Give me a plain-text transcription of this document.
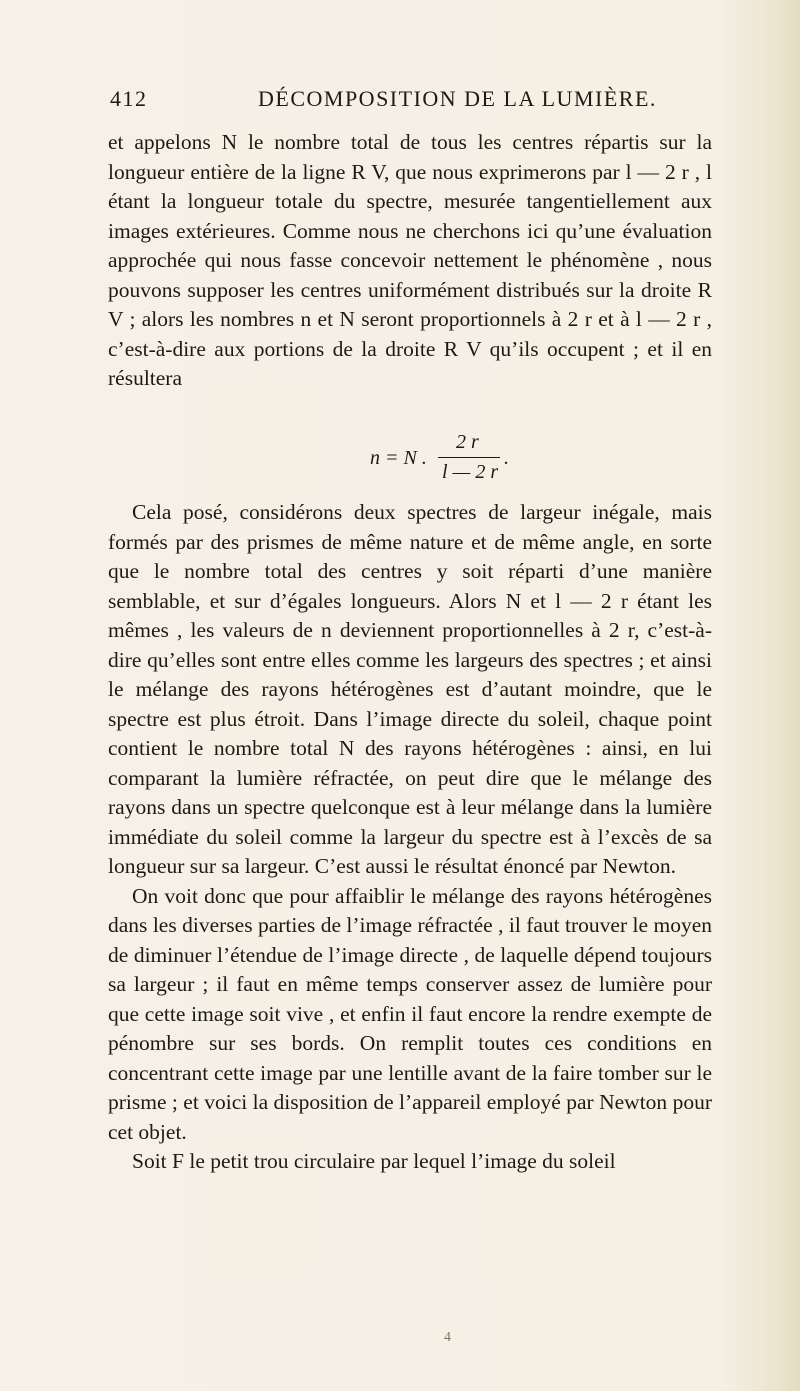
412	DÉCOMPOSITION DE LA LUMIÈRE.

et appelons N le nombre total de tous les centres répartis sur la longueur entière de la ligne R V, que nous exprimerons par l — 2 r , l étant la longueur totale du spectre, mesurée tangentiellement aux images extérieures. Comme nous ne cherchons ici qu’une évaluation approchée qui nous fasse concevoir nettement le phénomène , nous pouvons supposer les centres uniformément distribués sur la droite R V ; alors les nombres n et N seront proportionnels à 2 r et à l — 2 r , c’est-à-dire aux portions de la droite R V qu’ils occupent ; et il en résultera

n = N .
2 r
l — 2 r
.

Cela posé, considérons deux spectres de largeur inégale, mais formés par des prismes de même nature et de même angle, en sorte que le nombre total des centres y soit réparti d’une manière semblable, et sur d’égales longueurs. Alors N et l — 2 r étant les mêmes , les valeurs de n deviennent proportionnelles à 2 r, c’est-à-dire qu’elles sont entre elles comme les largeurs des spectres ; et ainsi le mélange des rayons hétérogènes est d’autant moindre, que le spectre est plus étroit. Dans l’image directe du soleil, chaque point contient le nombre total N des rayons hétérogènes : ainsi, en lui comparant la lumière réfractée, on peut dire que le mélange des rayons dans un spectre quelconque est à leur mélange dans la lumière immédiate du soleil comme la largeur du spectre est à l’excès de sa longueur sur sa largeur. C’est aussi le résultat énoncé par Newton.

On voit donc que pour affaiblir le mélange des rayons hétérogènes dans les diverses parties de l’image réfractée , il faut trouver le moyen de diminuer l’étendue de l’image directe , de laquelle dépend toujours sa largeur ; il faut en même temps conserver assez de lumière pour que cette image soit vive , et enfin il faut encore la rendre exempte de pénombre sur ses bords. On remplit toutes ces conditions en concentrant cette image par une lentille avant de la faire tomber sur le prisme ; et voici la disposition de l’appareil employé par Newton pour cet objet.

Soit F le petit trou circulaire par lequel l’image du soleil

4
